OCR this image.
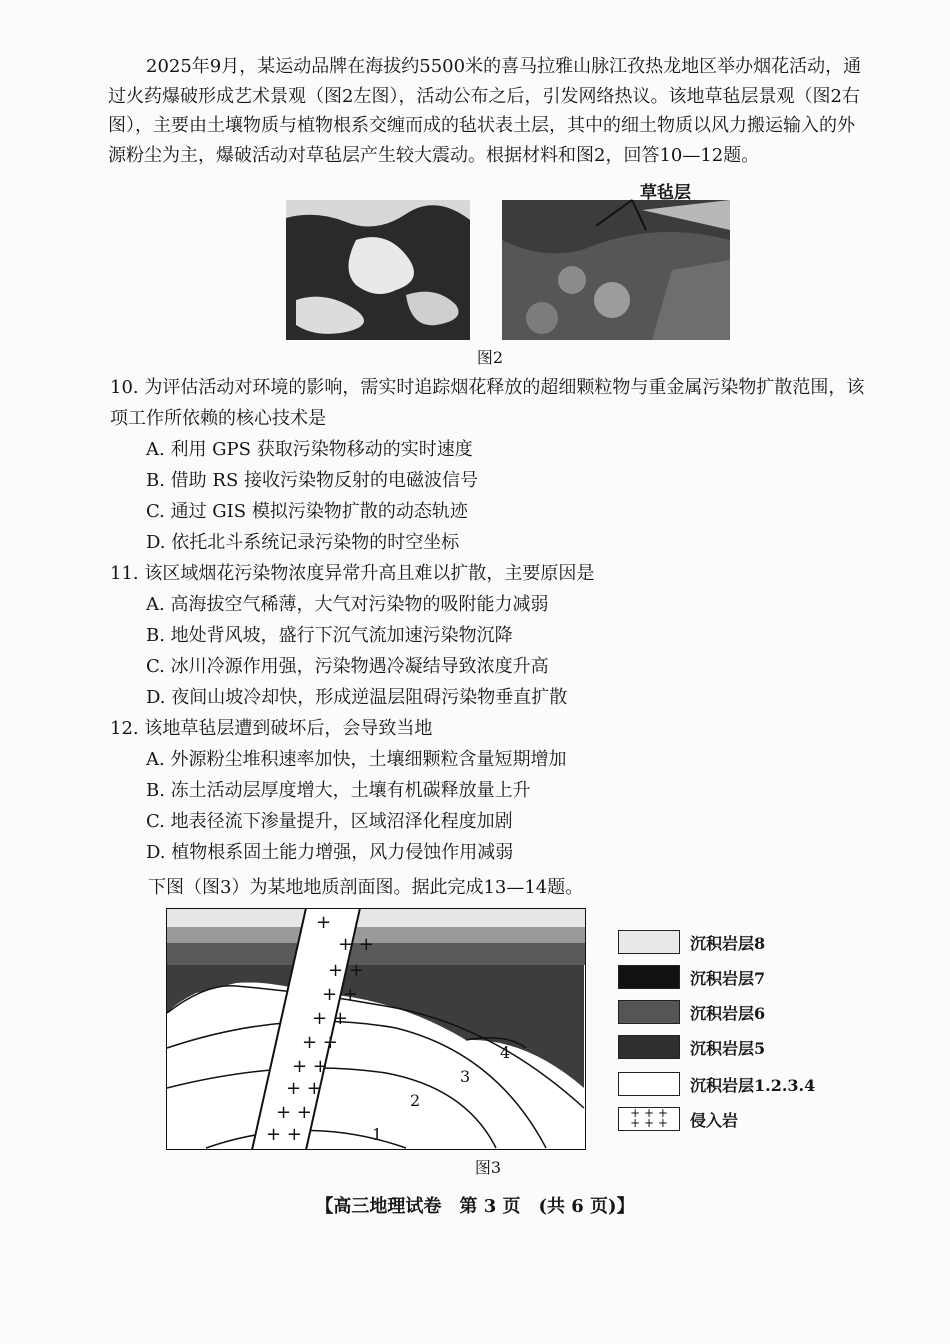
2025年9月，某运动品牌在海拔约5500米的喜马拉雅山脉江孜热龙地区举办烟花活动，通过火药爆破形成艺术景观（图2左图），活动公布之后，引发网络热议。该地草毡层景观（图2右图），主要由土壤物质与植物根系交缠而成的毡状表土层，其中的细土物质以风力搬运输入的外源粉尘为主，爆破活动对草毡层产生较大震动。根据材料和图2，回答10—12题。

草毡层
图2

10. 为评估活动对环境的影响，需实时追踪烟花释放的超细颗粒物与重金属污染物扩散范围，该项工作所依赖的核心技术是

A. 利用 GPS 获取污染物移动的实时速度

B. 借助 RS 接收污染物反射的电磁波信号

C. 通过 GIS 模拟污染物扩散的动态轨迹

D. 依托北斗系统记录污染物的时空坐标

11. 该区域烟花污染物浓度异常升高且难以扩散，主要原因是

A. 高海拔空气稀薄，大气对污染物的吸附能力减弱

B. 地处背风坡，盛行下沉气流加速污染物沉降

C. 冰川冷源作用强，污染物遇冷凝结导致浓度升高

D. 夜间山坡冷却快，形成逆温层阻碍污染物垂直扩散

12. 该地草毡层遭到破坏后，会导致当地

A. 外源粉尘堆积速率加快，土壤细颗粒含量短期增加

B. 冻土活动层厚度增大，土壤有机碳释放量上升

C. 地表径流下渗量提升，区域沼泽化程度加剧

D. 植物根系固土能力增强，风力侵蚀作用减弱

下图（图3）为某地地质剖面图。据此完成13—14题。

+
+ +
+ +
+ +
+ +
+ +
+ +
+ +
+ +
+ +	1
2
3
4
沉积岩层8
沉积岩层7
沉积岩层6
沉积岩层5
沉积岩层1.2.3.4
+ + +
+ + +	侵入岩
图3
【高三地理试卷　第 3 页　(共 6 页)】
